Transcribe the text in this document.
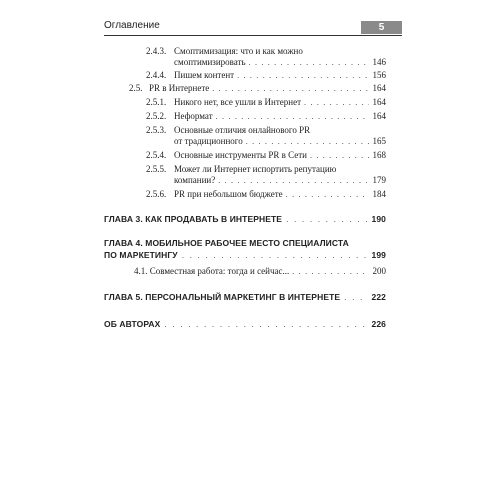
Оглавление	5
2.4.3. Смоптимизация: что и как можно
смоптимизировать . . .	146
2.4.4. Пишем контент . . .	156
2.5. PR в Интернете . . .	164
2.5.1. Никого нет, все ушли в Интернет . . .	164
2.5.2. Неформат . . .	164
2.5.3. Основные отличия онлайнового PR
от традиционного . . .	165
2.5.4. Основные инструменты PR в Сети . . .	168
2.5.5. Может ли Интернет испортить репутацию
компании? . . .	179
2.5.6. PR при небольшом бюджете . . .	184
ГЛАВА 3. КАК ПРОДАВАТЬ В ИНТЕРНЕТЕ . . .	190
ГЛАВА 4. МОБИЛЬНОЕ РАБОЧЕЕ МЕСТО СПЕЦИАЛИСТА
ПО МАРКЕТИНГУ . . .	199
4.1. Совместная работа: тогда и сейчас... . . .	200
ГЛАВА 5. ПЕРСОНАЛЬНЫЙ МАРКЕТИНГ В ИНТЕРНЕТЕ . . .	222
ОБ АВТОРАХ . . .	226
